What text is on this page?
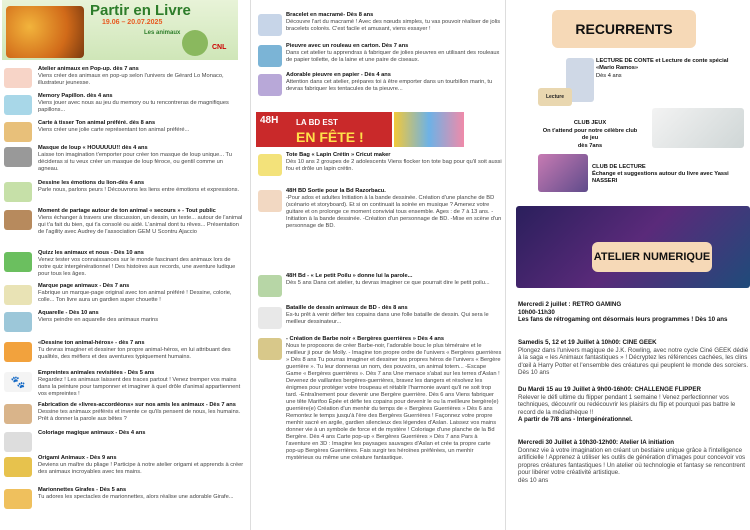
Partir en Livre
19.06 – 20.07.2025
Les animaux
CNL
Atelier animaux en Pop-up. dès 7 ans
Viens créer des animaux en pop-up selon l'univers de Gérard Lo Monaco, illustrateur jeunesse.
Memory Papillon. dès 4 ans
Viens jouer avec nous au jeu du memory ou tu rencontreras de magnifiques papillons...
Carte à tisser Ton animal préféré. dès 8 ans
Viens créer une jolie carte représentant ton animal préféré...
Masque de loup « HOUUUUU!! dès 4 ans
Laisse ton imagination t'emporter pour créer ton masque de loup unique... Tu décideras si tu veux créer un masque de loup féroce, ou gentil comme un agneau.
Dessine les émotions du lion-dès 4 ans
Parle nous, parlons peurs ! Découvrons les liens entre émotions et expressions.
Moment de partage autour de ton animal « secours » - Tout public
Viens échanger à travers une discussion, un dessin, un texte... autour de l'animal qui t'a fait du bien, qui t'a consolé ou aidé. L'animal dont tu rêves... Présentation de l'agility avec Audrey de l'association GEM U Scontru Ajaccio
Quizz les animaux et nous - Dès 10 ans
Venez tester vos connaissances sur le monde fascinant des animaux lors de notre quiz intergénérationnel ! Des histoires aux records, une aventure ludique pour tous les âges.
Marque page animaux - Dès 7 ans
Fabrique un marque-page original avec ton animal préféré ! Dessine, colorie, colle... Ton livre aura un gardien super chouette !
Aquarelle - Dès 10 ans
Viens peindre en aquarelle des animaux marins
«Dessine ton animal-héros» - dès 7 ans
Tu devras imaginer et dessiner ton propre animal-héros, en lui attribuant des qualités, des méfiers et des aventures typiquement humains.
🐾
Empreintes animales revisitées - Dès 5 ans
Regardez ! Les animaux laissent des traces partout ! Venez tremper vos mains dans la peinture pour tamponner et imaginer à quel drôle d'animal appartiennent vos empreintes !
Fabrication de «livres-accordéons» sur nos amis les animaux - Dès 7 ans
Dessine tes animaux préférés et invente ce qu'ils pensent de nous, les humains. Prêt à donner la parole aux bêtes ?
Coloriage magique animaux - Dès 4 ans
Origami Animaux - Dès 9 ans
Deviens un maître du pliage ! Participe à notre atelier origami et apprends à créer des animaux incroyables avec tes mains.
Marionnettes Girafes - Dès 5 ans
Tu adores les spectacles de marionnettes, alors réalise une adorable Girafe...
Bracelet en macramé- Dès 8 ans
Découvre l'art du macramé ! Avec des nœuds simples, tu vas pouvoir réaliser de jolis bracelets colorés. C'est facile et amusant, viens essayer !
Pieuvre avec un rouleau en carton. Dès 7 ans
Dans cet atelier tu apprendras à fabriquer de jolies pieuvres en utilisant des rouleaux de papier toilette, de la laine et une paire de ciseaux.
Adorable pieuvre en papier - Dès 4 ans
Attention dans cet atelier, prépares toi à être emporter dans un tourbillon marin, tu devras fabriquer les tentacules de ta pieuvre...
48H LA BD EST
EN FÊTE !
Tote Bag « Lapin Crétin » Cricut maker
Dès 10 ans 2 groupes de 2 adolescents Viens flocker ton tote bag pour qu'il soit aussi fou et drôle un lapin crétin.
48H BD Sortie pour la Bd Razorbacu.
-Pour ados et adultes Initiation à la bande dessinée. Création d'une planche de BD (scénario et storyboard). Et si on continuait la soirée en musique ? Amenez votre guitare et on prolonge ce moment convivial tous ensemble. Ages : de 7 à 13 ans. -Initiation à la bande dessinée. -Création d'un personnage de BD. -Mise en scène d'un personnage de BD.
48H Bd - « Le petit Poilu » donne lui la parole...
Dès 5 ans Dans cet atelier, tu devras imaginer ce que pourrait dire le petit poilu...
Bataille de dessin animaux de BD - dès 8 ans
Es-tu prêt à venir défier tes copains dans une folle bataille de dessin. Qui sera le meilleur dessinateur...
- Création de Barbe noir « Bergères guerrières » Dès 4 ans
Nous te proposons de créer Barbe-noir, l'adorable bouc le plus téméraire et le meilleur ji pour de Molly. - Imagine ton propre ordre de l'univers « Bergères guerrières » Dès 8 ans Tu pourras imaginer et dessiner tes propres héros de l'univers « Bergère guerrière ». Tu leur donneras un nom, des pouvoirs, un animal totem... -Escape Game « Bergères guerrières ». Dès 7 ans Une menace s'abat sur les terres d'Aslan ! Devenez de vaillantes bergères-guerrières, bravez les dangers et résolvez les énigmes pour protéger votre troupeau et rétablir l'harmonie avant qu'il ne soit trop tard. -Entraînement pour devenir une Bergère guerrière. Dès 6 ans Viens fabriquer une tête Marifoo Épée et défie tes copains pour devenir le ou la meilleure bergère(e) guerrière(e) Création d'un menhir du temps de « Bergères Guerrières » Dès 6 ans Remontez le temps jusqu'à l'ère des Bergères Guerrières ! Façonnez votre propre menhir sacré en argile, gardien silencieux des légendes d'Aslan. Laissez vos mains donner vie à un symbole de force et de mystère ! Coloriage d'une planche de la Bd Bergère. Dès 4 ans Carte pop-up « Bergères Guerrières » Dès 7 ans Pars à l'aventure en 3D : Imagine les paysages sauvages d'Aslan et crée ta propre carte pop-up Bergères Guerrières. Fais surgir tes héroïnes préférées, un menhir mystérieux ou même une créature fantastique.
RECURRENTS
Lecture
LECTURE DE CONTE et Lecture de conte spécial «Mario Ramos»
Dès 4 ans
CLUB JEUX
On t'attend pour notre célèbre club de jeu
dès 7ans
CLUB DE LECTURE
Échange et suggestions autour du livre avec Yassi NASSERI
ATELIER NUMERIQUE
Mercredi 2 juillet : RETRO GAMING
10h00-11h30
Les fans de rétrogaming ont désormais leurs programmes ! Dès 10 ans
Samedis 5, 12 et 19 Juillet à 10h00: CINE GEEK
Plongez dans l'univers magique de J.K. Rowling, avec notre cycle Ciné GEEK dédié à la saga « les Animaux fantastiques » ! Décryptez les références cachées, les clins d'œil à Harry Potter et l'ensemble des créatures qui peuplent le monde des sorciers. Dès 10 ans
Du Mardi 15 au 19 Juillet à 9h00-16h00: CHALLENGE FLIPPER
Relever le défi ultime du flipper pendant 1 semaine ! Venez perfectionner vos techniques, découvrir ou redécouvrir les plaisirs du flip et pourquoi pas battre le record de la médiathèque !!
A partir de 7/8 ans - Intergénérationnel.
Mercredi 30 Juillet à 10h30-12h00: Atelier IA initiation
Donnez vie à votre imagination en créant un bestiaire unique grâce à l'intelligence artificielle ! Apprenez à utiliser les outils de génération d'images pour concevoir vos propres créatures fantastiques ! Un atelier où technologie et fantasy se rencontrent pour libérer votre créativité artistique.
dès 10 ans
